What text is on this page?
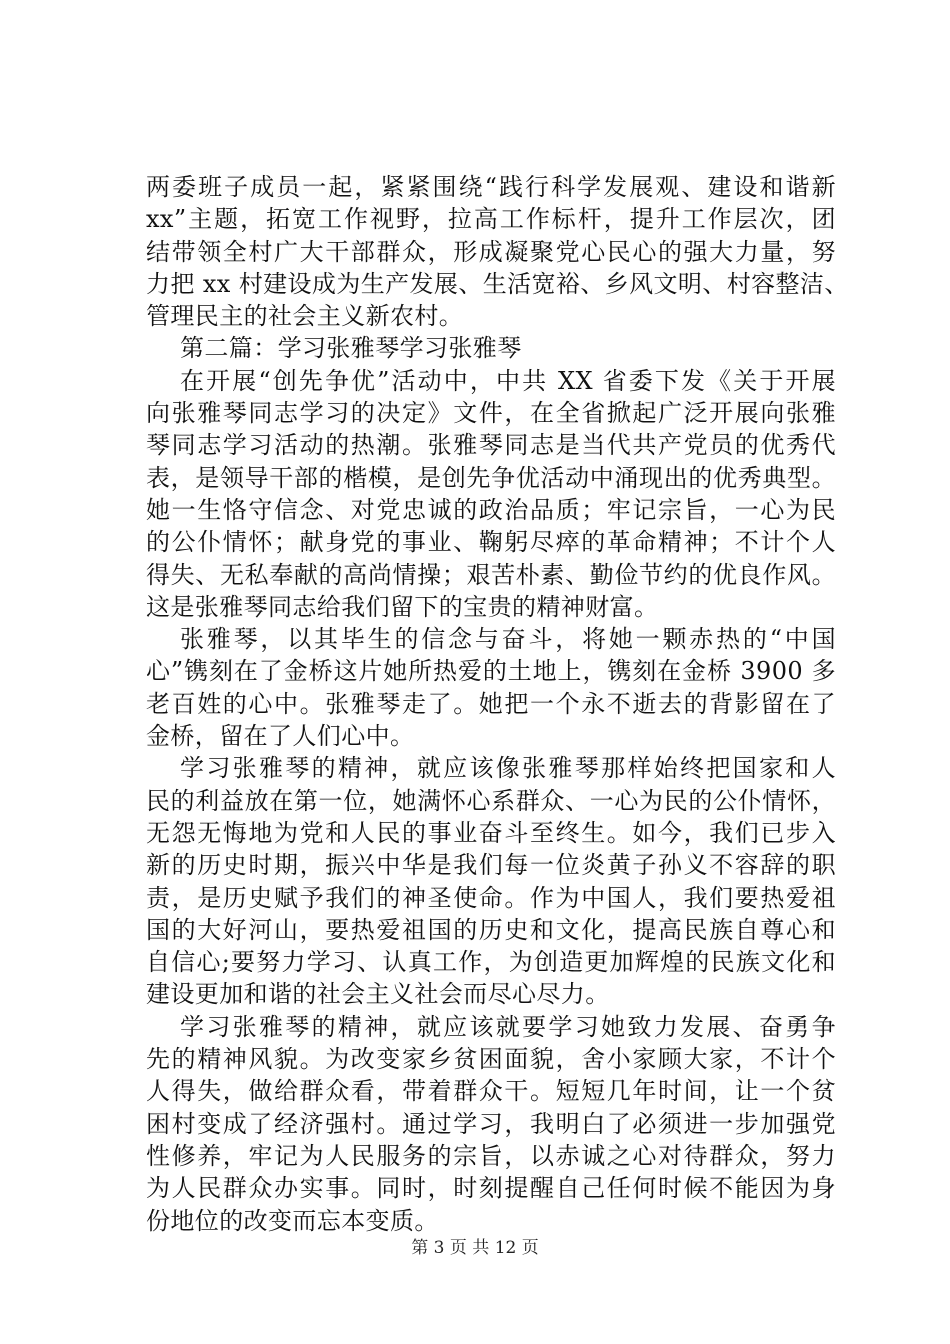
两委班子成员一起，紧紧围绕“践行科学发展观、建设和谐新
xx”主题，拓宽工作视野，拉高工作标杆，提升工作层次，团
结带领全村广大干部群众，形成凝聚党心民心的强大力量，努
力把 xx 村建设成为生产发展、生活宽裕、乡风文明、村容整洁、
管理民主的社会主义新农村。
第二篇：学习张雅琴学习张雅琴
在开展“创先争优”活动中，中共 XX 省委下发《关于开展
向张雅琴同志学习的决定》文件，在全省掀起广泛开展向张雅
琴同志学习活动的热潮。张雅琴同志是当代共产党员的优秀代
表，是领导干部的楷模，是创先争优活动中涌现出的优秀典型。
她一生恪守信念、对党忠诚的政治品质；牢记宗旨，一心为民
的公仆情怀；献身党的事业、鞠躬尽瘁的革命精神；不计个人
得失、无私奉献的高尚情操；艰苦朴素、勤俭节约的优良作风。
这是张雅琴同志给我们留下的宝贵的精神财富。
张雅琴，以其毕生的信念与奋斗，将她一颗赤热的“中国
心”镌刻在了金桥这片她所热爱的土地上，镌刻在金桥 3900 多
老百姓的心中。张雅琴走了。她把一个永不逝去的背影留在了
金桥，留在了人们心中。
学习张雅琴的精神，就应该像张雅琴那样始终把国家和人
民的利益放在第一位，她满怀心系群众、一心为民的公仆情怀，
无怨无悔地为党和人民的事业奋斗至终生。如今，我们已步入
新的历史时期，振兴中华是我们每一位炎黄子孙义不容辞的职
责，是历史赋予我们的神圣使命。作为中国人，我们要热爱祖
国的大好河山，要热爱祖国的历史和文化，提高民族自尊心和
自信心;要努力学习、认真工作，为创造更加辉煌的民族文化和
建设更加和谐的社会主义社会而尽心尽力。
学习张雅琴的精神，就应该就要学习她致力发展、奋勇争
先的精神风貌。为改变家乡贫困面貌，舍小家顾大家，不计个
人得失，做给群众看，带着群众干。短短几年时间，让一个贫
困村变成了经济强村。通过学习，我明白了必须进一步加强党
性修养，牢记为人民服务的宗旨，以赤诚之心对待群众，努力
为人民群众办实事。同时，时刻提醒自己任何时候不能因为身
份地位的改变而忘本变质。
第 3 页 共 12 页
